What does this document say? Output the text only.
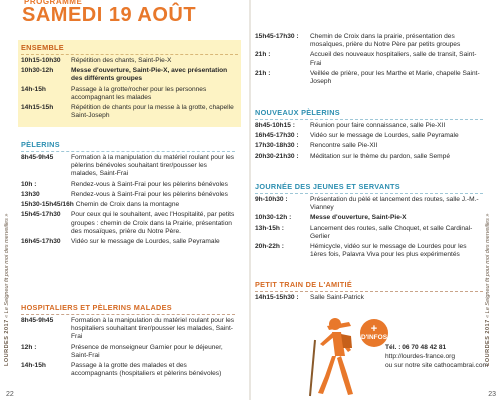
PROGRAMME
SAMEDI 19 AOÛT
ENSEMBLE
10h15-10h30	Répétition des chants, Saint-Pie-X
10h30-12h	Messe d'ouverture, Saint-Pie-X, avec présentation des différents groupes
14h-15h	Passage à la grotte/rocher pour les personnes accompagnant les malades
14h15-15h	Répétition de chants pour la messe à la grotte, chapelle Saint-Joseph
PÈLERINS
8h45-9h45	Formation à la manipulation du matériel roulant pour les pèlerins bénévoles souhaitant tirer/pousser les malades, Saint-Frai
10h :	Rendez-vous à Saint-Frai pour les pèlerins bénévoles
13h30	Rendez-vous à Saint-Frai pour les pèlerins bénévoles
15h30-15h45/16h Chemin de Croix dans la montagne
15h45-17h30	Pour ceux qui le souhaitent, avec l'Hospitalité, par petits groupes : chemin de Croix dans la Prairie, présentation des mosaïques, prière du Notre Père.
16h45-17h30	Vidéo sur le message de Lourdes, salle Peyramale
HOSPITALIERS ET PÈLERINS MALADES
8h45-9h45	Formation à la manipulation du matériel roulant pour les hospitaliers souhaitant tirer/pousser les malades, Saint-Frai
12h :	Présence de monseigneur Garnier pour le déjeuner, Saint-Frai
14h-15h	Passage à la grotte des malades et des accompagnants (hospitaliers et pèlerins bénévoles)
LOURDES 2017 « Le Seigneur fit pour moi des merveilles »
22
15h45-17h30 :	Chemin de Croix dans la prairie, présentation des mosaïques, prière du Notre Père par petits groupes
21h :	Accueil des nouveaux hospitaliers, salle de transit, Saint-Frai
21h :	Veillée de prière, pour les Marthe et Marie, chapelle Saint-Joseph
NOUVEAUX PÈLERINS
8h45-10h15 :	Réunion pour faire connaissance, salle Pie-XII
16h45-17h30 :	Vidéo sur le message de Lourdes, salle Peyramale
17h30-18h30 :	Rencontre salle Pie-XII
20h30-21h30 :	Méditation sur le thème du pardon, salle Sempé
JOURNÉE DES JEUNES ET SERVANTS
9h-10h30 :	Présentation du pèlé et lancement des routes, salle J.-M.-Vianney
10h30-12h :	Messe d'ouverture, Saint-Pie-X
13h-15h :	Lancement des routes, salle Choquet, et salle Cardinal-Gerlier
20h-22h :	Hémicycle, vidéo sur le message de Lourdes pour les 1ères fois, Palavra Viva pour les plus expérimentés
PETIT TRAIN DE L'AMITIÉ
14h15-15h30 :	Salle Saint-Patrick
+
D'INFOS
Tél. : 06 70 48 42 81
http://lourdes-france.org
ou sur notre site cathocambrai.com
LOURDES 2017 « Le Seigneur fit pour moi des merveilles »
23
